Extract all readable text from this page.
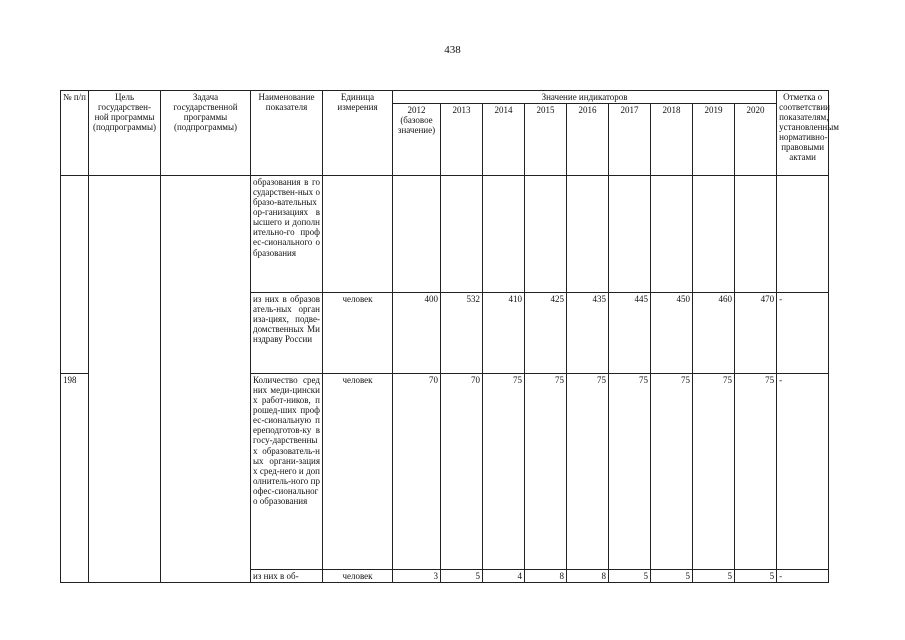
438
№ п/п	Цель государствен-ной программы (подпрограммы)	Задача государственной программы (подпрограммы)	Наименование показателя	Единица измерения	Значение индикаторов									Отметка о соответствии показателям, установленным нормативно-правовыми актами
					2012 (базовое значение)	2013	2014	2015	2016	2017	2018	2019	2020	
			образования в государствен-ных образо-вательных ор-ганизациях высшего и дополнительно-го профес-сионального образования											
			из них в образователь-ных организа-циях, подве-домственных Минздраву России	человек	400	532	410	425	435	445	450	460	470	-
198			Количество средних меди-цинских работ-ников, прошед-ших профес-сиональную переподготов-ку в госу-дарственных образователь-ных органи-зациях сред-него и дополнитель-ного профес-сионального образования	человек	70	70	75	75	75	75	75	75	75	-
			из них в об-	человек	3	5	4	8	8	5	5	5	5	-
